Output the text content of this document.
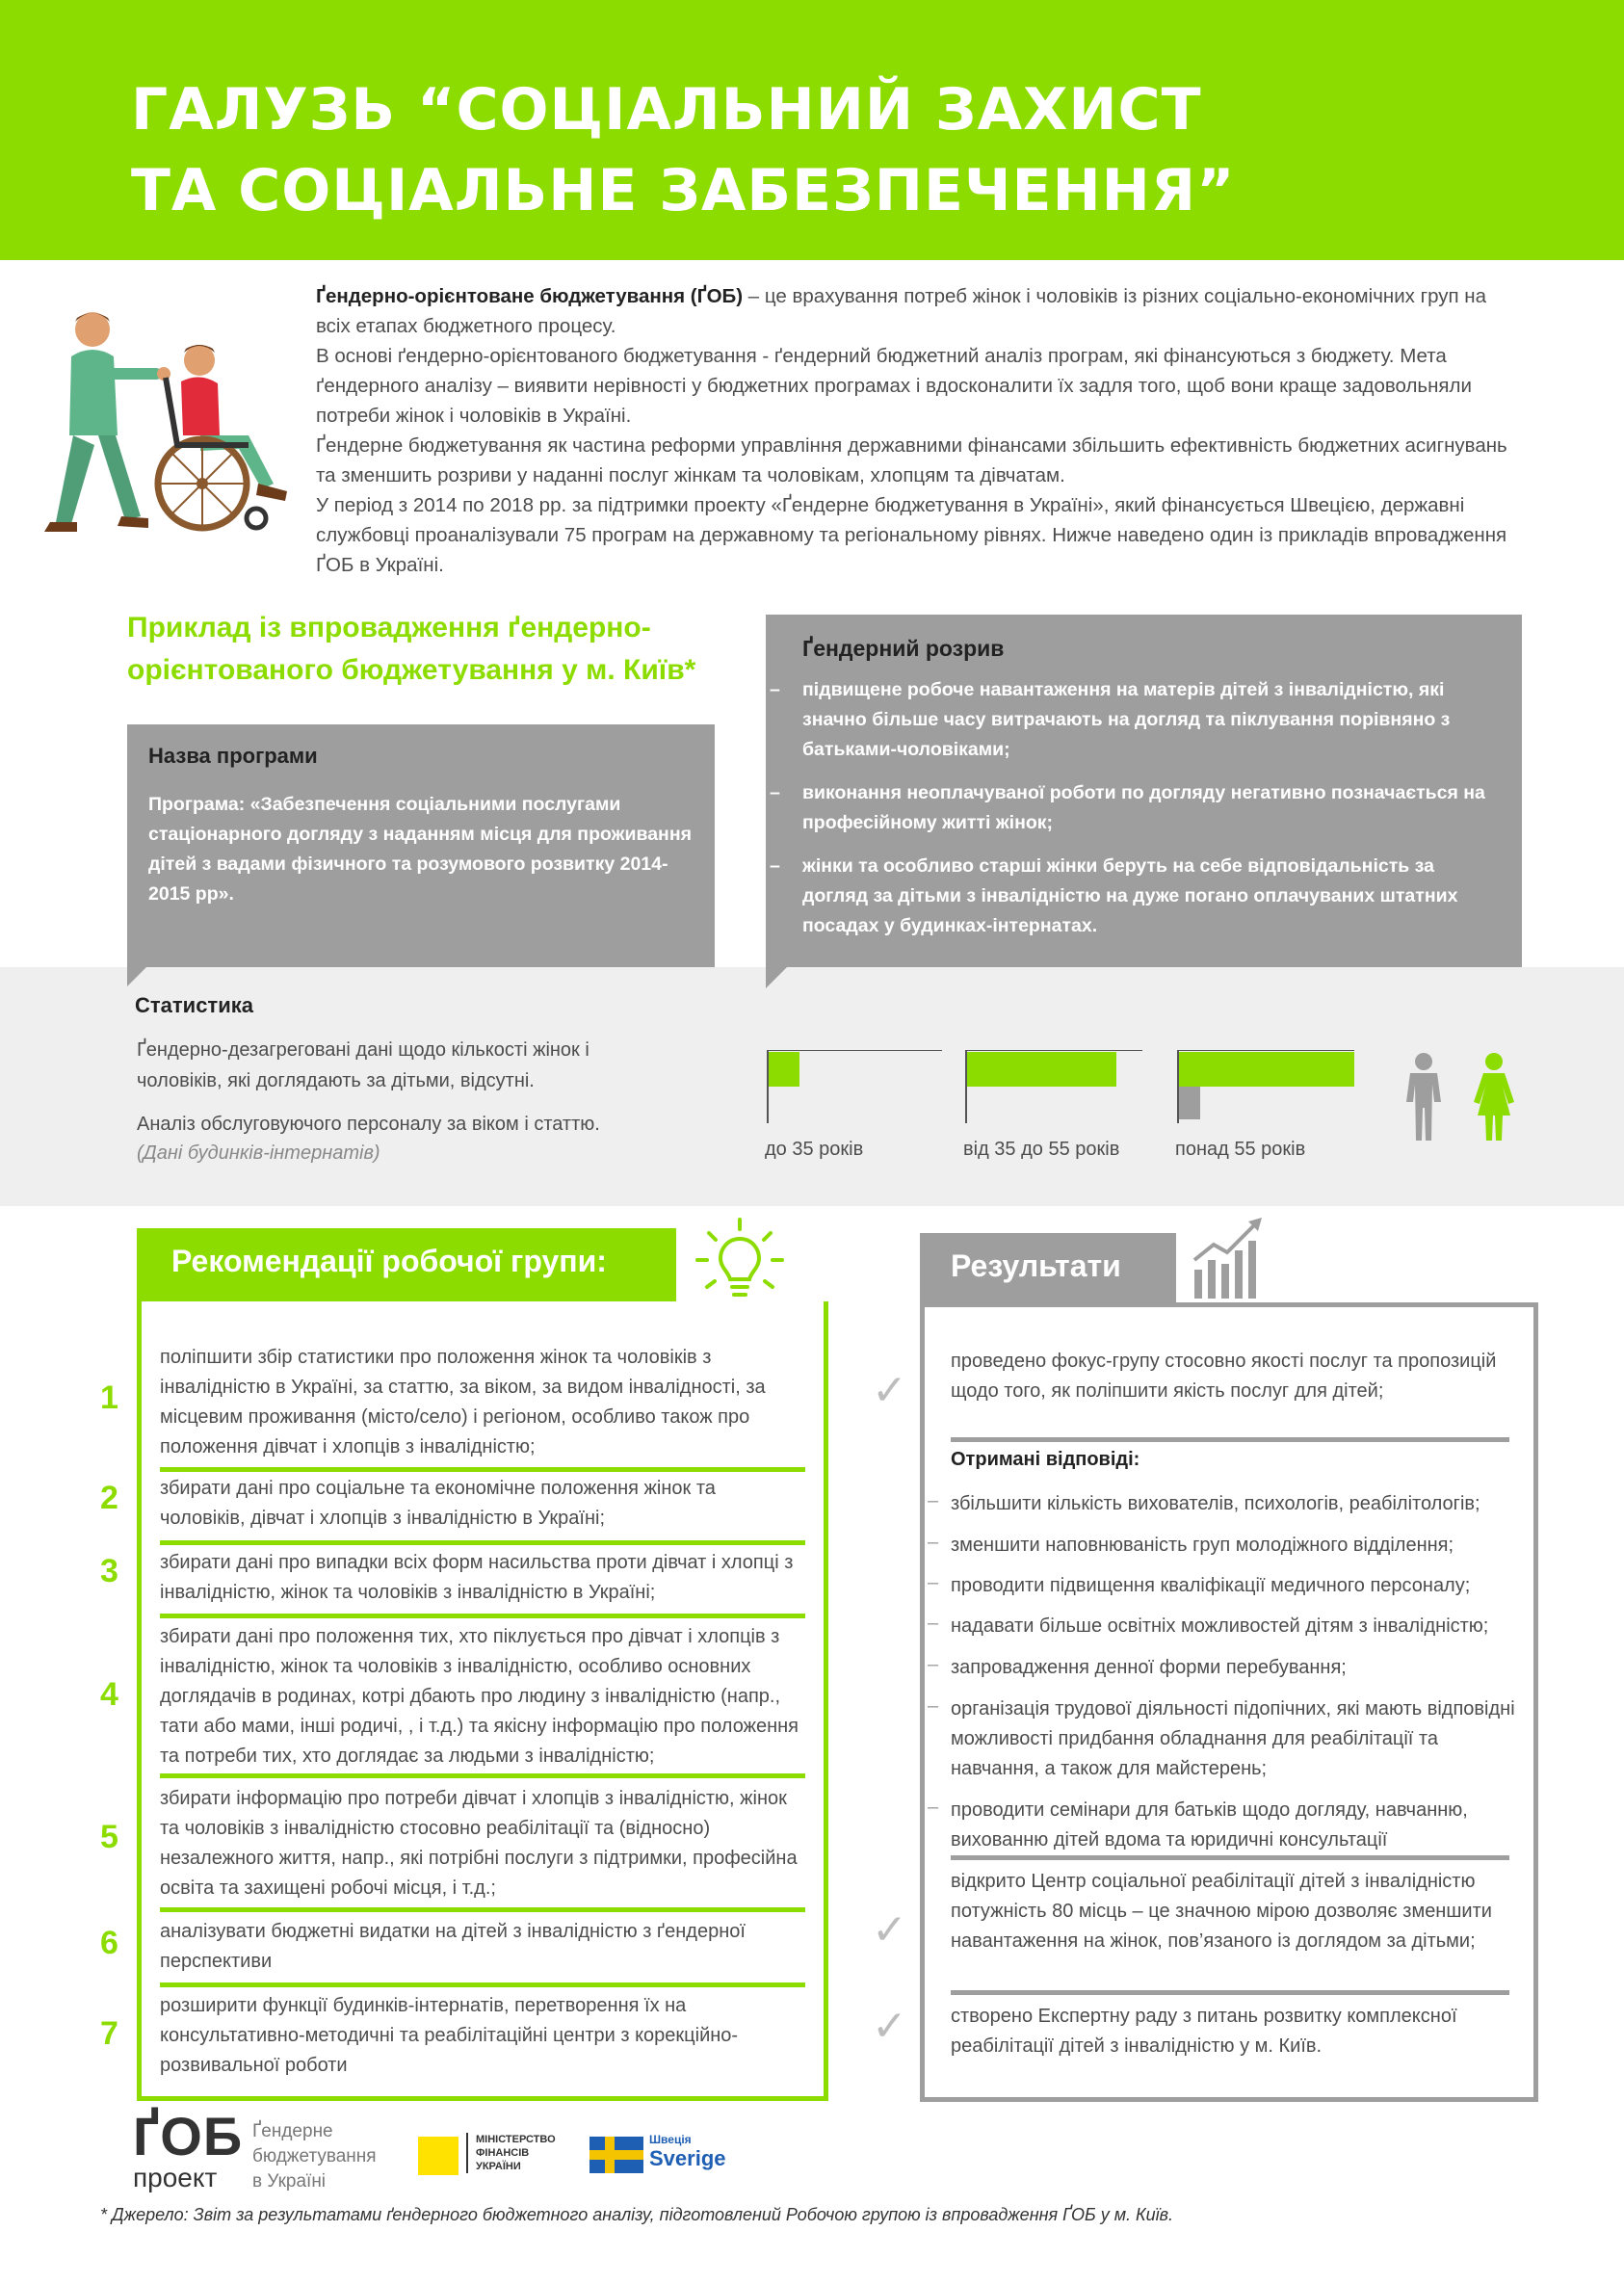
ГАЛУЗЬ “СОЦІАЛЬНИЙ ЗАХИСТ
ТА СОЦІАЛЬНЕ ЗАБЕЗПЕЧЕННЯ”

Ґендерно-орієнтоване бюджетування (ҐОБ) – це врахування потреб жінок і чоловіків із різних соціально-економічних груп на всіх етапах бюджетного процесу.

В основі ґендерно-орієнтованого бюджетування - ґендерний бюджетний аналіз програм, які фінансуються з бюджету. Мета ґендерного аналізу – виявити нерівності у бюджетних програмах і вдосконалити їх задля того, щоб вони краще задовольняли потреби жінок і чоловіків в Україні.

Ґендерне бюджетування як частина реформи управління державними фінансами збільшить ефективність бюджетних асигнувань та зменшить розриви у наданні послуг жінкам та чоловікам, хлопцям та дівчатам.

У період з 2014 по 2018 рр. за підтримки проекту «Ґендерне бюджетування в Україні», який фінансується Швецією, державні службовці проаналізували 75 програм на державному та регіональному рівнях. Нижче наведено один із прикладів впровадження ҐОБ в Україні.

Приклад із впровадження ґендерно-орієнтованого бюджетування у м. Київ*
Назва програми
Програма: «Забезпечення соціальними послугами стаціонарного догляду з наданням місця для проживання дітей з вадами фізичного та розумового розвитку 2014-2015 рр».
Ґендерний розрив
– підвищене робоче навантаження на матерів дітей з інвалідністю, які значно більше часу витрачають на догляд та піклування порівняно з батьками-чоловіками;
– виконання неоплачуваної роботи по догляду негативно позначається на професійному житті жінок;
– жінки та особливо старші жінки беруть на себе відповідальність за догляд за дітьми з інвалідністю на дуже погано оплачуваних штатних посадах у будинках-інтернатах.
Статистика
Ґендерно-дезагреговані дані щодо кількості жінок і чоловіків, які доглядають за дітьми, відсутні.
Аналіз обслуговуючого персоналу за віком і статтю.
(Дані будинків-інтернатів)	до 35 років	від 35 до 55 років	понад 55 років
Рекомендації робочої групи:
1
поліпшити збір статистики про положення жінок та чоловіків з інвалідністю в Україні, за статтю, за віком, за видом інвалідності, за місцевим проживання (місто/село) і регіоном, особливо також про положення дівчат і хлопців з інвалідністю;
2 збирати дані про соціальне та економічне положення жінок та чоловіків, дівчат і хлопців з інвалідністю в Україні;
3 збирати дані про випадки всіх форм насильства проти дівчат і хлопці з інвалідністю, жінок та чоловіків з інвалідністю в Україні;
4
збирати дані про положення тих, хто піклується про дівчат і хлопців з інвалідністю, жінок та чоловіків з інвалідністю, особливо основних доглядачів в родинах, котрі дбають про людину з інвалідністю (напр., тати або мами, інші родичі, , і т.д.) та якісну інформацію про положення та потреби тих, хто доглядає за людьми з інвалідністю;
5
збирати інформацію про потреби дівчат і хлопців з інвалідністю, жінок та чоловіків з інвалідністю стосовно реабілітації та (відносно) незалежного життя, напр., які потрібні послуги з підтримки, професійна освіта та захищені робочі місця, і т.д.;
6 аналізувати бюджетні видатки на дітей з інвалідністю з ґендерної перспективи
7
розширити функції будинків-інтернатів, перетворення їх на консультативно-методичні та реабілітаційні центри з корекційно-розвивальної роботи
Результати
✓
проведено фокус-групу стосовно якості послуг та пропозицій щодо того, як поліпшити якість послуг для дітей;
Отримані відповіді:
– збільшити кількість вихователів, психологів, реабілітологів;
– зменшити наповнюваність груп молодіжного відділення;
– проводити підвищення кваліфікації медичного персоналу;
– надавати більше освітніх можливостей дітям з інвалідністю;
– запровадження денної форми перебування;
– організація трудової діяльності підопічних, які мають відповідні можливості придбання обладнання для реабілітації та навчання, а також для майстерень;
– проводити семінари для батьків щодо догляду, навчанню, вихованню дітей вдома та юридичні консультації
✓
відкрито Центр соціальної реабілітації дітей з інвалідністю потужність 80 місць – це значною мірою дозволяє зменшити навантаження на жінок, пов’язаного із доглядом за дітьми;
✓ створено Експертну раду з питань розвитку комплексної реабілітації дітей з інвалідністю у м. Київ.
ҐОБ
проект
Ґендерне
бюджетування
в Україні
МІНІСТЕРСТВО ФІНАНСІВ УКРАЇНИ
Швеція
Sverige
* Джерело: Звіт за результатами ґендерного бюджетного аналізу, підготовлений Робочою групою із впровадження ҐОБ у м. Київ.
